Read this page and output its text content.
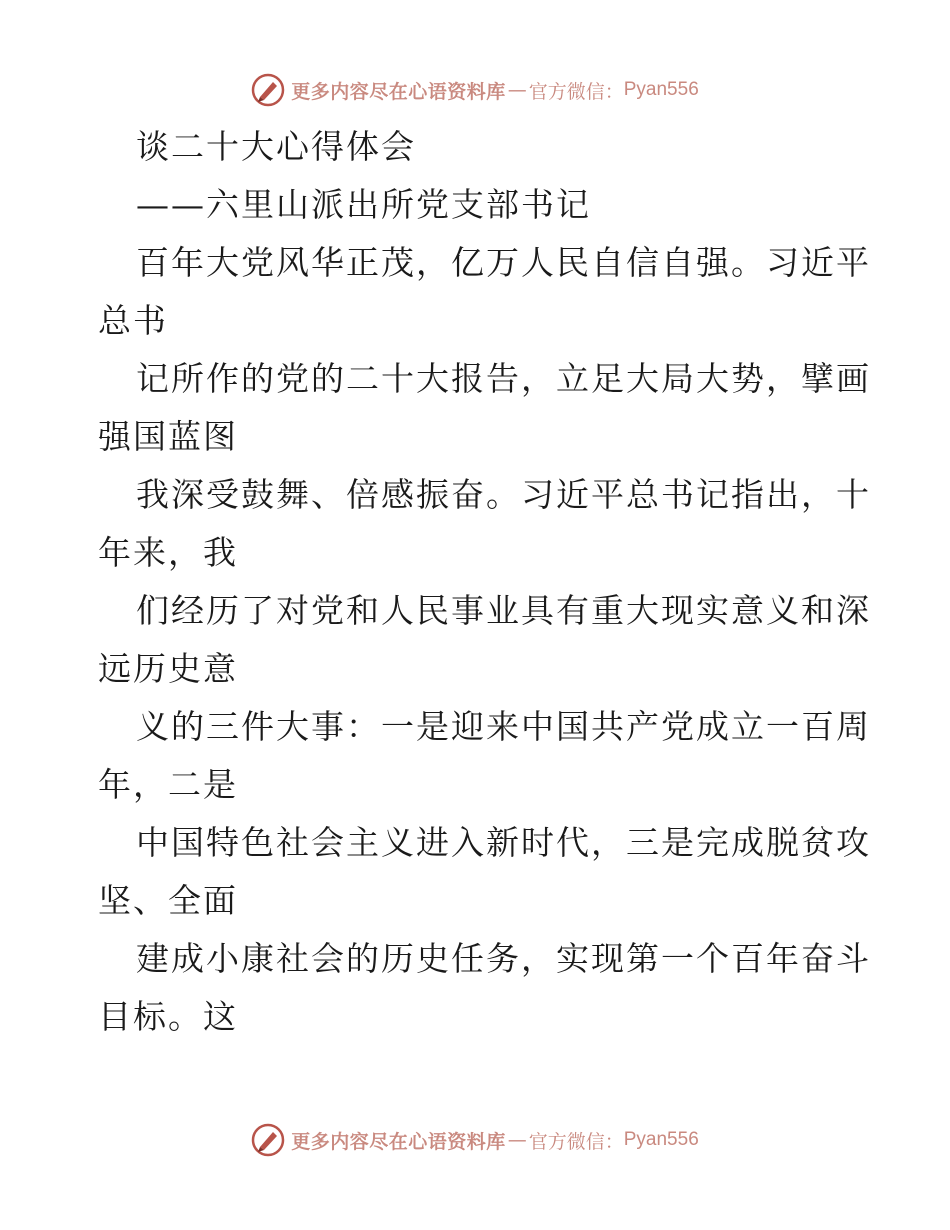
更多内容尽在心语资料库 — 官方微信： Pyan556
谈二十大心得体会
——六里山派出所党支部书记
百年大党风华正茂，亿万人民自信自强。习近平
总书
记所作的党的二十大报告，立足大局大势，擘画
强国蓝图
我深受鼓舞、倍感振奋。习近平总书记指出，十
年来，我
们经历了对党和人民事业具有重大现实意义和深
远历史意
义的三件大事：一是迎来中国共产党成立一百周
年，二是
中国特色社会主义进入新时代，三是完成脱贫攻
坚、全面
建成小康社会的历史任务，实现第一个百年奋斗
目标。这
更多内容尽在心语资料库 — 官方微信： Pyan556
